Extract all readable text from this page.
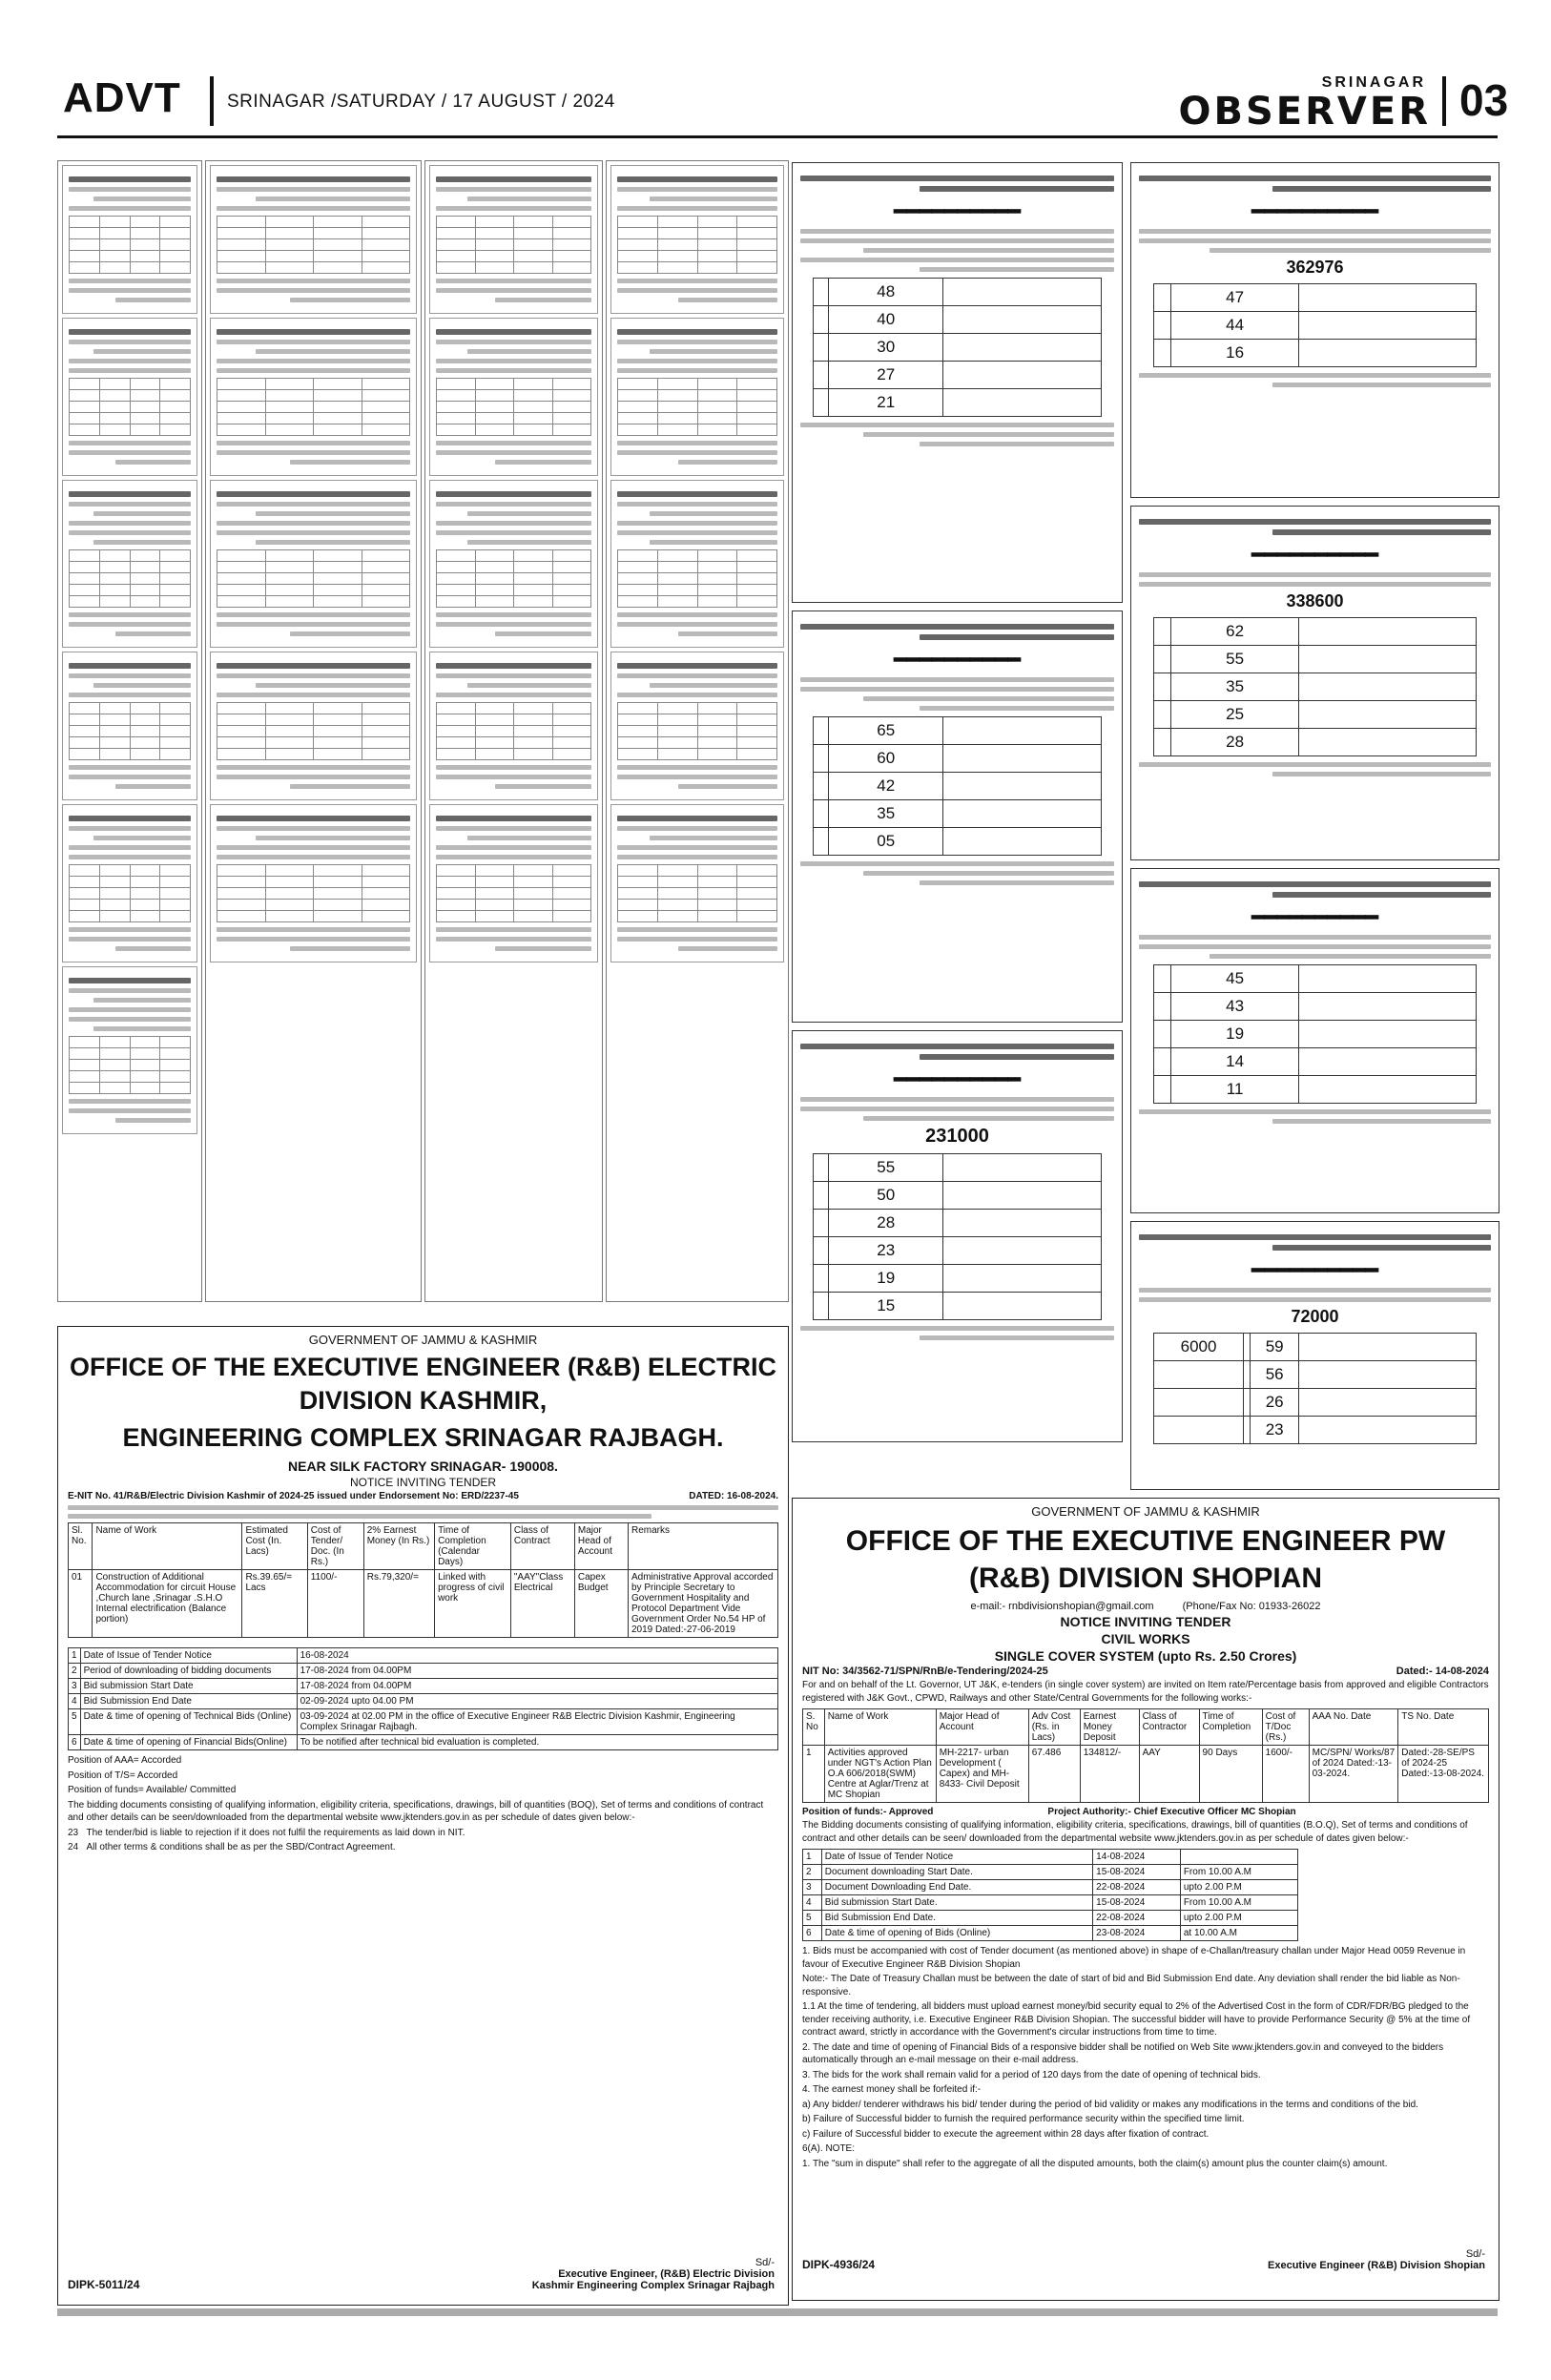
ADVT	SRINAGAR /SATURDAY / 17 AUGUST / 2024
SRINAGAR
OBSERVER 03

━━━━━━━━━━
	48	
	40	
	30	
	27	
	21	
━━━━━━━━━━
	65	
	60	
	42	
	35	
	05	
━━━━━━━━━━
231000
	55	
	50	
	28	
	23	
	19	
	15	
━━━━━━━━━━
362976
	47	
	44	
	16	
━━━━━━━━━━
338600
	62	
	55	
	35	
	25	
	28	
━━━━━━━━━━
	45	
	43	
	19	
	14	
	11	
━━━━━━━━━━
72000
6000		59	
		56	
		26	
		23	
GOVERNMENT OF JAMMU & KASHMIR
OFFICE OF THE EXECUTIVE ENGINEER PW (R&B) DIVISION SHOPIAN
e-mail:- rnbdivisionshopian@gmail.com	(Phone/Fax No: 01933-26022
NOTICE INVITING TENDER
CIVIL WORKS
SINGLE COVER SYSTEM (upto Rs. 2.50 Crores)
NIT No: 34/3562-71/SPN/RnB/e-Tendering/2024-25	Dated:- 14-08-2024
For and on behalf of the Lt. Governor, UT J&K, e-tenders (in single cover system) are invited on Item rate/Percentage basis from approved and eligible Contractors registered with J&K Govt., CPWD, Railways and other State/Central Governments for the following works:-
S. No	Name of Work	Major Head of Account	Adv Cost (Rs. in Lacs)	Earnest Money Deposit	Class of Contractor	Time of Completion	Cost of T/Doc (Rs.)	AAA No. Date	TS No. Date
1	Activities approved under NGT's Action Plan O.A 606/2018(SWM) Centre at Aglar/Trenz at MC Shopian	MH-2217- urban Development ( Capex) and MH-8433- Civil Deposit	67.486	134812/-	AAY	90 Days	1600/-	MC/SPN/ Works/87 of 2024 Dated:-13-03-2024.	Dated:-28-SE/PS of 2024-25 Dated:-13-08-2024.
Position of funds:- Approved	Project Authority:- Chief Executive Officer MC Shopian
The Bidding documents consisting of qualifying information, eligibility criteria, specifications, drawings, bill of quantities (B.O.Q), Set of terms and conditions of contract and other details can be seen/ downloaded from the departmental website www.jktenders.gov.in as per schedule of dates given below:-
1	Date of Issue of Tender Notice	14-08-2024	
2	Document downloading Start Date.	15-08-2024	From 10.00 A.M
3	Document Downloading End Date.	22-08-2024	upto 2.00 P.M
4	Bid submission Start Date.	15-08-2024	From 10.00 A.M
5	Bid Submission End Date.	22-08-2024	upto 2.00 P.M
6	Date & time of opening of Bids (Online)	23-08-2024	at 10.00 A.M
1. Bids must be accompanied with cost of Tender document (as mentioned above) in shape of e-Challan/treasury challan under Major Head 0059 Revenue in favour of Executive Engineer R&B Division Shopian
Note:- The Date of Treasury Challan must be between the date of start of bid and Bid Submission End date. Any deviation shall render the bid liable as Non-responsive.
1.1 At the time of tendering, all bidders must upload earnest money/bid security equal to 2% of the Advertised Cost in the form of CDR/FDR/BG pledged to the tender receiving authority, i.e. Executive Engineer R&B Division Shopian. The successful bidder will have to provide Performance Security @ 5% at the time of contract award, strictly in accordance with the Government's circular instructions from time to time.
2. The date and time of opening of Financial Bids of a responsive bidder shall be notified on Web Site www.jktenders.gov.in and conveyed to the bidders automatically through an e-mail message on their e-mail address.
3. The bids for the work shall remain valid for a period of 120 days from the date of opening of technical bids.
4. The earnest money shall be forfeited if:-
a) Any bidder/ tenderer withdraws his bid/ tender during the period of bid validity or makes any modifications in the terms and conditions of the bid.
b) Failure of Successful bidder to furnish the required performance security within the specified time limit.
c) Failure of Successful bidder to execute the agreement within 28 days after fixation of contract.
6(A). NOTE:
1. The "sum in dispute" shall refer to the aggregate of all the disputed amounts, both the claim(s) amount plus the counter claim(s) amount.
Sd/-
Executive Engineer (R&B) Division Shopian
DIPK-4936/24
GOVERNMENT OF JAMMU & KASHMIR
OFFICE OF THE EXECUTIVE ENGINEER (R&B) ELECTRIC DIVISION KASHMIR,
ENGINEERING COMPLEX SRINAGAR RAJBAGH.
NEAR SILK FACTORY SRINAGAR- 190008.
NOTICE INVITING TENDER
E-NIT No. 41/R&B/Electric Division Kashmir of 2024-25 issued under Endorsement No: ERD/2237-45	DATED: 16-08-2024.
Sl. No.	Name of Work	Estimated Cost (In. Lacs)	Cost of Tender/ Doc. (In Rs.)	2% Earnest Money (In Rs.)	Time of Completion (Calendar Days)	Class of Contract	Major Head of Account	Remarks
01	Construction of Additional Accommodation for circuit House ,Church lane ,Srinagar .S.H.O Internal electrification (Balance portion)	Rs.39.65/= Lacs	1100/-	Rs.79,320/=	Linked with progress of civil work	"AAY"Class Electrical	Capex Budget	Administrative Approval accorded by Principle Secretary to Government Hospitality and Protocol Department Vide Government Order No.54 HP of 2019 Dated:-27-06-2019
1	Date of Issue of Tender Notice	16-08-2024
2	Period of downloading of bidding documents	17-08-2024 from 04.00PM
3	Bid submission Start Date	17-08-2024 from 04.00PM
4	Bid Submission End Date	02-09-2024 upto 04.00 PM
5	Date & time of opening of Technical Bids (Online)	03-09-2024 at 02.00 PM in the office of Executive Engineer R&B Electric Division Kashmir, Engineering Complex Srinagar Rajbagh.
6	Date & time of opening of Financial Bids(Online)	To be notified after technical bid evaluation is completed.
Position of AAA= Accorded
Position of T/S= Accorded
Position of funds= Available/ Committed
The bidding documents consisting of qualifying information, eligibility criteria, specifications, drawings, bill of quantities (BOQ), Set of terms and conditions of contract and other details can be seen/downloaded from the departmental website www.jktenders.gov.in as per schedule of dates given below:-
23   The tender/bid is liable to rejection if it does not fulfil the requirements as laid down in NIT.
24   All other terms & conditions shall be as per the SBD/Contract Agreement.
Sd/-
Executive Engineer, (R&B) Electric Division
Kashmir Engineering Complex Srinagar Rajbagh
DIPK-5011/24
